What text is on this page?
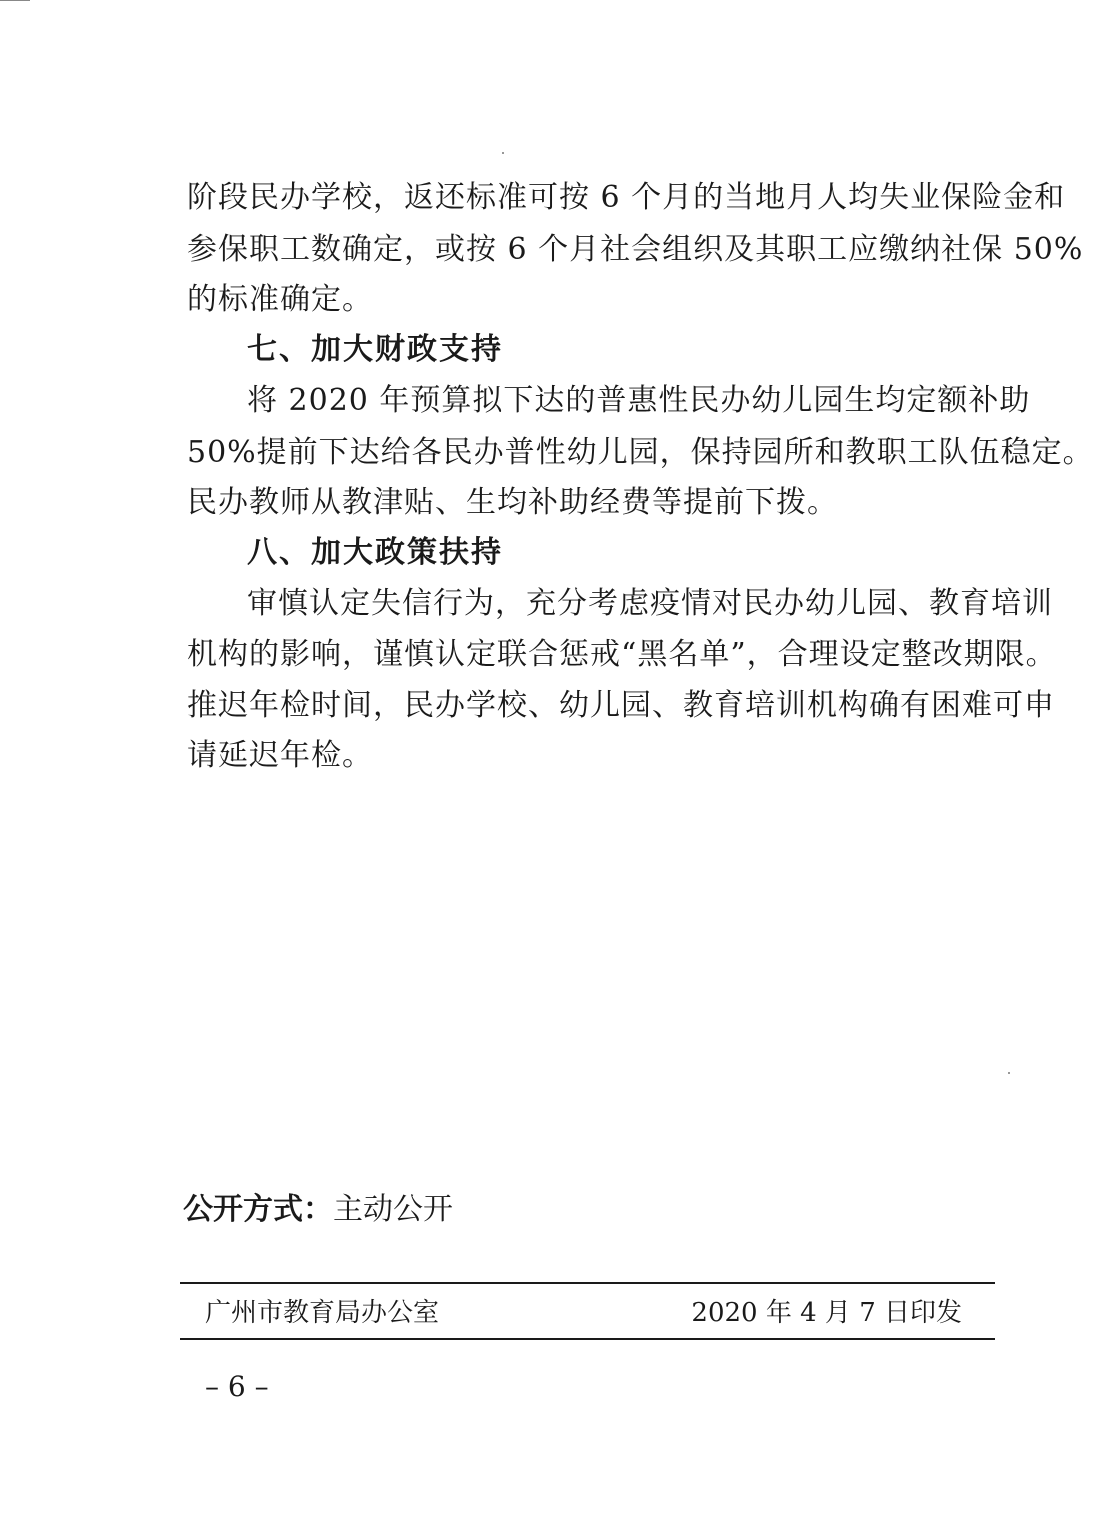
阶段民办学校，返还标准可按 6 个月的当地月人均失业保险金和
参保职工数确定，或按 6 个月社会组织及其职工应缴纳社保 50%
的标准确定。
七、加大财政支持
将 2020 年预算拟下达的普惠性民办幼儿园生均定额补助
50%提前下达给各民办普性幼儿园，保持园所和教职工队伍稳定。
民办教师从教津贴、生均补助经费等提前下拨。
八、加大政策扶持
审慎认定失信行为，充分考虑疫情对民办幼儿园、教育培训
机构的影响，谨慎认定联合惩戒“黑名单”，合理设定整改期限。
推迟年检时间，民办学校、幼儿园、教育培训机构确有困难可申
请延迟年检。
公开方式：主动公开
广州市教育局办公室	2020 年 4 月 7 日印发
– 6 –
